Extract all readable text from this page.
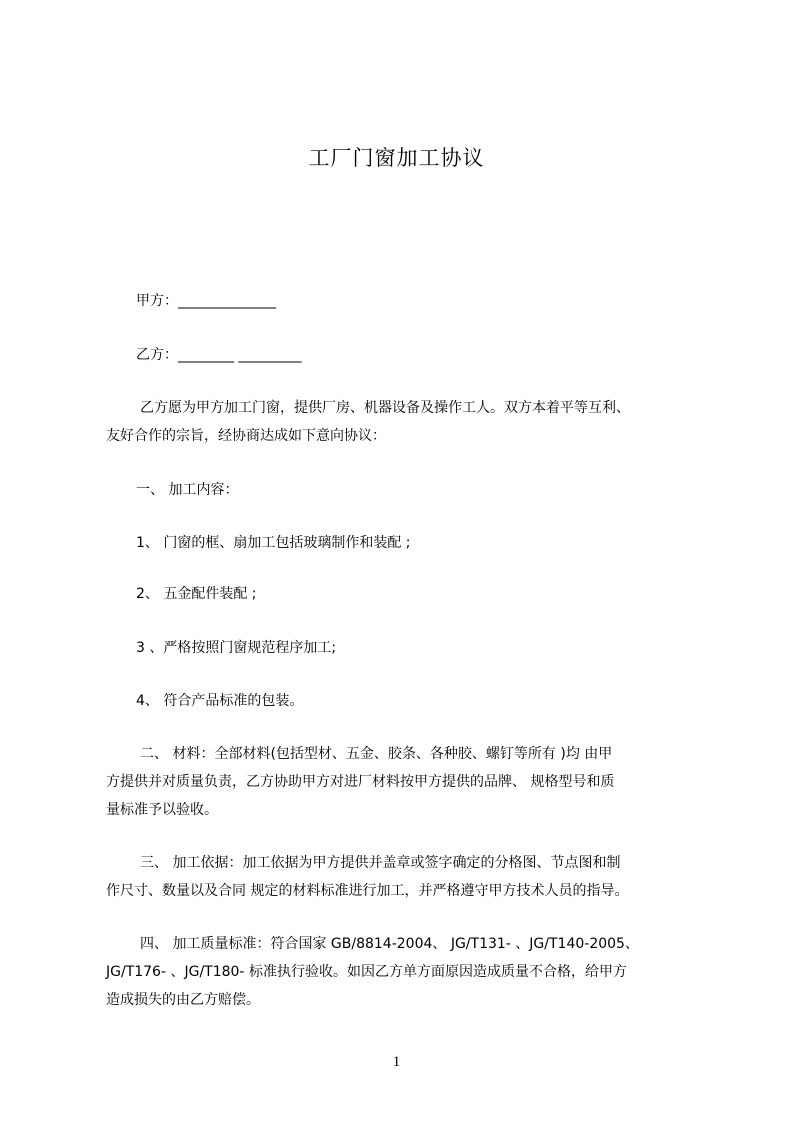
工厂门窗加工协议
甲方：______________
乙方：________ _________
乙方愿为甲方加工门窗，提供厂房、机器设备及操作工人。双方本着平等互利、
友好合作的宗旨，经协商达成如下意向协议：
一、 加工内容：
1、 门窗的框、扇加工包括玻璃制作和装配 ;
2、 五金配件装配 ;
3 、严格按照门窗规范程序加工;
4、 符合产品标准的包装。
二、 材料：全部材料(包括型材、五金、胶条、各种胶、螺钉等所有 )均 由甲
方提供并对质量负责，乙方协助甲方对进厂材料按甲方提供的品牌、 规格型号和质
量标准予以验收。
三、 加工依据：加工依据为甲方提供并盖章或签字确定的分格图、节点图和制
作尺寸、数量以及合同 规定的材料标准进行加工，并严格遵守甲方技术人员的指导。
四、 加工质量标准：符合国家 GB/8814-2004、 JG/T131- 、JG/T140-2005、
JG/T176- 、JG/T180- 标准执行验收。如因乙方单方面原因造成质量不合格，给甲方
造成损失的由乙方赔偿。
1
